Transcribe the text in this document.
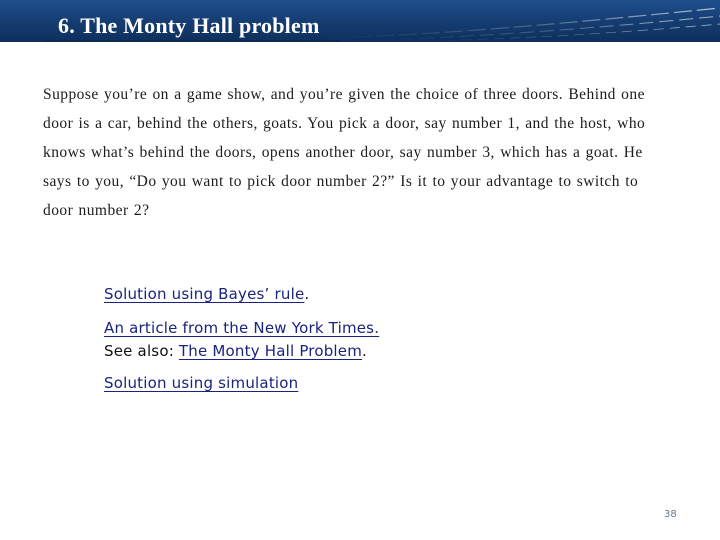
6. The Monty Hall problem

Suppose you’re on a game show, and you’re given the choice of three doors. Behind one door is a car, behind the others, goats. You pick a door, say number 1, and the host, who knows what’s behind the doors, opens another door, say number 3, which has a goat. He says to you, “Do you want to pick door number 2?” Is it to your advantage to switch to door number 2?

Solution using Bayes’ rule.
An article from the New York Times.
See also: The Monty Hall Problem.
Solution using simulation
38
